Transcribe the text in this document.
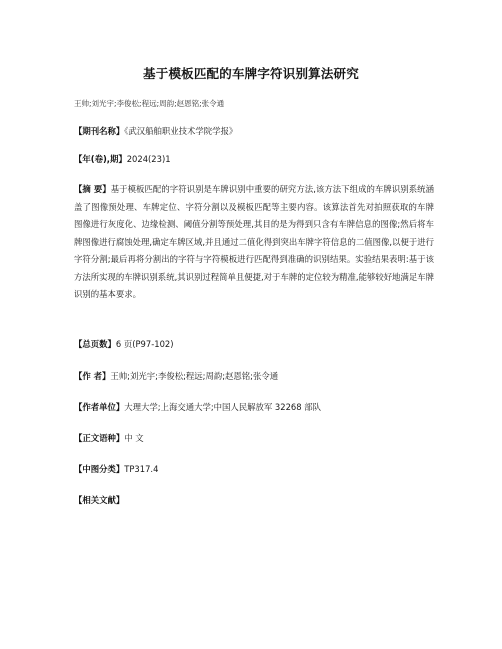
基于模板匹配的车牌字符识别算法研究
王帅;刘光宇;李俊松;程远;周韵;赵恩铭;张令通
【期刊名称】《武汉船舶职业技术学院学报》
【年(卷),期】2024(23)1
【摘 要】基于模板匹配的字符识别是车牌识别中重要的研究方法,该方法下组成的车牌识别系统涵盖了图像预处理、车牌定位、字符分割以及模板匹配等主要内容。该算法首先对拍照获取的车牌图像进行灰度化、边缘检测、阈值分割等预处理,其目的是为得到只含有车牌信息的图像;然后将车牌图像进行腐蚀处理,确定车牌区域,并且通过二值化得到突出车牌字符信息的二值图像,以便于进行字符分割;最后再将分割出的字符与字符模板进行匹配得到准确的识别结果。实验结果表明:基于该方法所实现的车牌识别系统,其识别过程简单且便捷,对于车牌的定位较为精准,能够较好地满足车牌识别的基本要求。
【总页数】6 页(P97-102)
【作 者】王帅;刘光宇;李俊松;程远;周韵;赵恩铭;张令通
【作者单位】大理大学;上海交通大学;中国人民解放军 32268 部队
【正文语种】中 文
【中图分类】TP317.4
【相关文献】
